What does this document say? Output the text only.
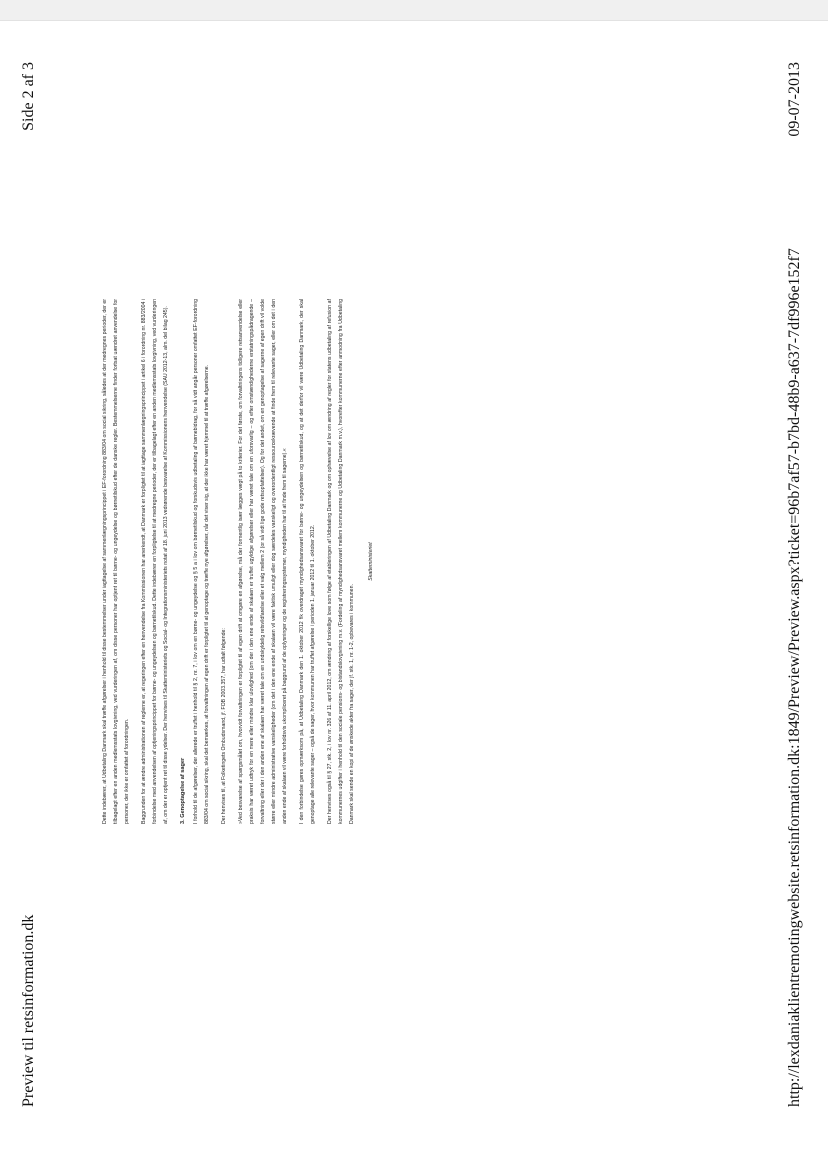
Preview til retsinformation.dk
Side 2 af 3

Dette indebærer, at Udbetaling Danmark skal træffe afgørelser i henhold til disse bestemmelser under iagttagelse af sammenlægningsprincippet i EF-forordning 883/04 om social sikring, således at der medregnes perioder, der er tilbagelagt efter en anden medlemsstats lovgivning, ved vurderingen af, om disse personer har optjent ret til børne- og ungeydelse og børnetilskud efter de danske regler. Bestemmelserne finder fortsat uændret anvendelse for personer, der ikke er omfattet af forordningen.	Baggrunden for at ændre administrationen af reglerne er, at regeringen efter en henvendelse fra Kommissionen har anerkendt, at Danmark er forpligtet til at iagttage sammenlægningsprincippet i artikel 6 i forordning nr. 883/2004 i forbindelse med anvendelsen af optjeningsprincippet for børne- og ungeydelsen og børnetilskud. Dette indebærer en forpligtelse til at medregne perioder, der er tilbagelagt efter en anden medlemsstats lovgivning, ved vurderingen af, om der er optjent ret til disse ydelser. Der henvises til Skatteministeriets og Social- og Integrationsministeriets notat af 18. juni 2013 vedrørende besvarelse af Kommissionens henvendelse (SAU 2012-13, alm. del bilag 245).	3. Genoptagelse af sager	I forhold til de afgørelser, der allerede er truffet i henhold til § 2, nr. 7, i lov om en børne- og ungeydelse og § 5 a i lov om børnetilskud og forskudsvis udbetaling af børnebidrag, for så vidt angår personer omfattet EF-forordning 883/04 om social sikring, skal det bemærkes, at forvaltningen af egen drift er forpligtet til at genoptage og træffe nye afgørelser, når det viser sig, at der ikke har været hjemmel til at træffe afgørelserne.	Der henvises til, at Folketingets Ombudsmand, jf. FOB 2003.357, har udtalt følgende:	»Ved besvarelse af spørgsmålet om, hvorvidt forvaltningen er forpligtet til af egen drift at omgøre en afgørelse, må der formentlig især lægges vægt på to kriterier. For det første, om forvaltningens tidligere retsanvendelse eller praksis har været udtryk for en mere eller mindre klar ulovlighed (om der i den ene ende af skalaen er truffet ugyldige afgørelser eller har været tale om en uforsvarlig – og efter omstændighederne erstatningspådragende – forvaltning eller der i den anden ene af skalaen har været tale om en undskyldelig retsvildfarelse eller et valg mellem 2 (or så vidt lige gode retsopfattelser). Og for det andet, om en genoptagelse af sagerne af egen drift vil volde større eller mindre administrative vanskeligheder (om det i den ene ende af skalaen vil være faktisk umuligt eller dog særdeles vanskeligt og overordentligt ressourcekrævende at finde frem til relevante sager, eller om det i den anden ende af skalaen vil være forholdsvis ukompliceret på baggrund af de oplysninger og de registreringssystemer, myndigheden har til at finde frem til sagerne).«	I den forbindelse gøres opmærksom på, at Udbetaling Danmark den 1. oktober 2012 fik overdraget myndighedsansvaret for børne- og ungeydelsen og børnetilskud, og at det derfor vil være Udbetaling Danmark, der skal genoptage alle relevante sager – også de sager, hvor kommunen har truffet afgørelse i perioden 1. januar 2012 til 1. oktober 2012.	Der henvises også til § 27, stk. 2, i lov nr. 326 af 11. april 2012, om ændring af forskellige love som følge af etableringen af Udbetaling Danmark og om ophævelse af lov om ændring af regler for statens udbetaling af refusion af kommunernes udgifter i henhold til den sociale pensions- og bistandslovgivning m.v. (Fordeling af myndighedsansvaret mellem kommunerne og Udbetaling Danmark m.v.), hvorefter kommunerne efter anmodning fra Udbetaling Danmark skal sende en kopi af de ønskede akter fra sager, der jf. stk. 1, nr. 1-2, opbevares i kommunen.

Skatteministeriet	http://lexdaniaklientremotingwebsite.retsinformation.dk:1849/Preview/Preview.aspx?ticket=96b7af57-b7bd-48b9-a637-7df996e152f7
09-07-2013
